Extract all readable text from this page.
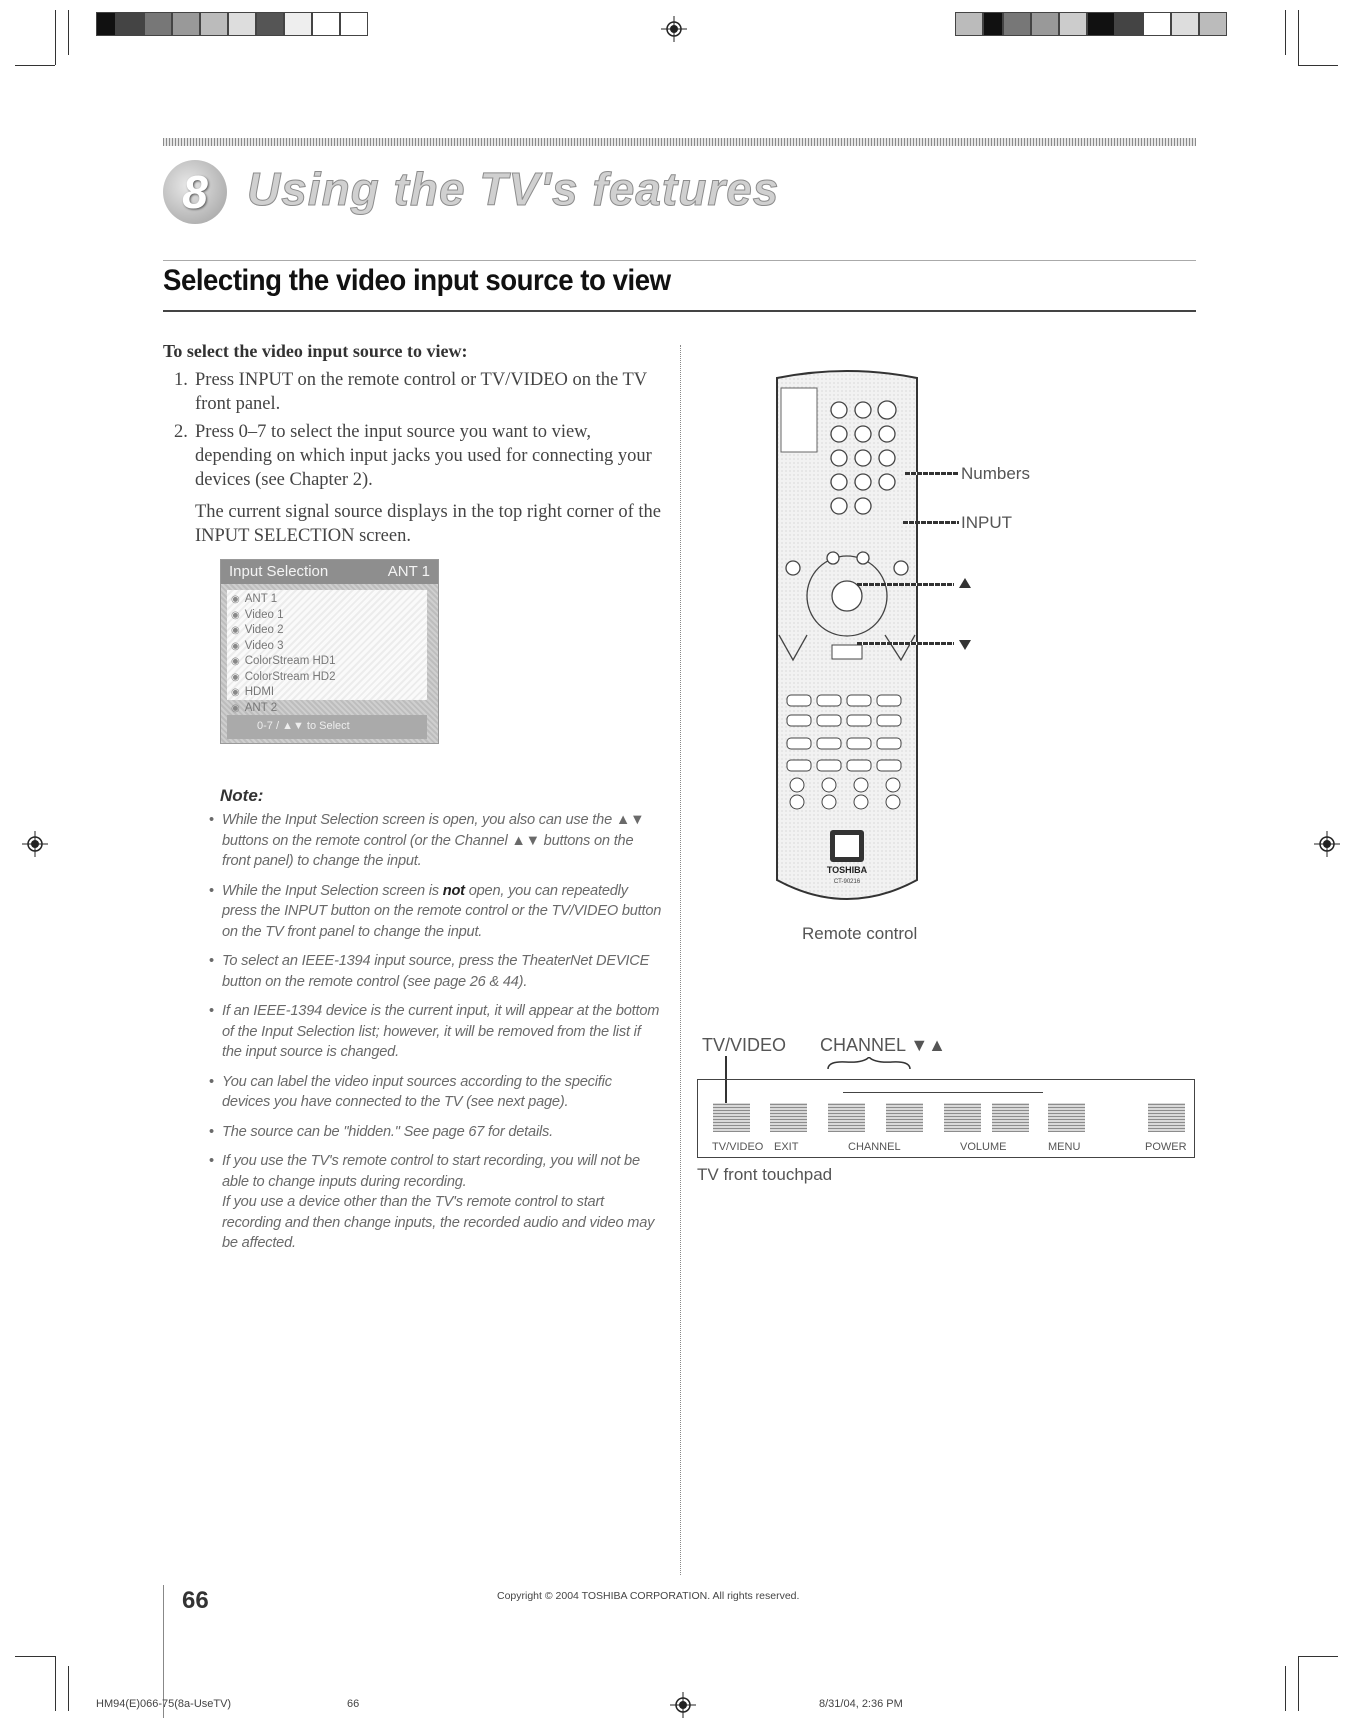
8 Using the TV's features
Selecting the video input source to view
To select the video input source to view:
1. Press INPUT on the remote control or TV/VIDEO on the TV front panel.
2. Press 0–7 to select the input source you want to view, depending on which input jacks you used for connecting your devices (see Chapter 2).

The current signal source displays in the top right corner of the INPUT SELECTION screen.

Input Selection	ANT 1
◉ ANT 1
◉ Video 1
◉ Video 2
◉ Video 3
◉ ColorStream HD1
◉ ColorStream HD2
◉ HDMI
◉ ANT 2
0-7 / ▲▼ to Select
Note:
• While the Input Selection screen is open, you also can use the ▲▼ buttons on the remote control (or the Channel ▲▼ buttons on the front panel) to change the input.
• While the Input Selection screen is not open, you can repeatedly press the INPUT button on the remote control or the TV/VIDEO button on the TV front panel to change the input.
• To select an IEEE-1394 input source, press the TheaterNet DEVICE button on the remote control (see page 26 & 44).
• If an IEEE-1394 device is the current input, it will appear at the bottom of the Input Selection list; however, it will be removed from the list if the input source is changed.
• You can label the video input sources according to the specific devices you have connected to the TV (see next page).
• The source can be "hidden." See page 67 for details.
• If you use the TV's remote control to start recording, you will not be able to change inputs during recording.
If you use a device other than the TV's remote control to start recording and then change inputs, the recorded audio and video may be affected.
TOSHIBA
CT-90216
Numbers
INPUT
Remote control
TV/VIDEO CHANNEL ▼▲
TV/VIDEO EXIT	CHANNEL	VOLUME	MENU	POWER
TV front touchpad
66	Copyright © 2004 TOSHIBA CORPORATION. All rights reserved.
HM94(E)066-75(8a-UseTV)	66	8/31/04, 2:36 PM
